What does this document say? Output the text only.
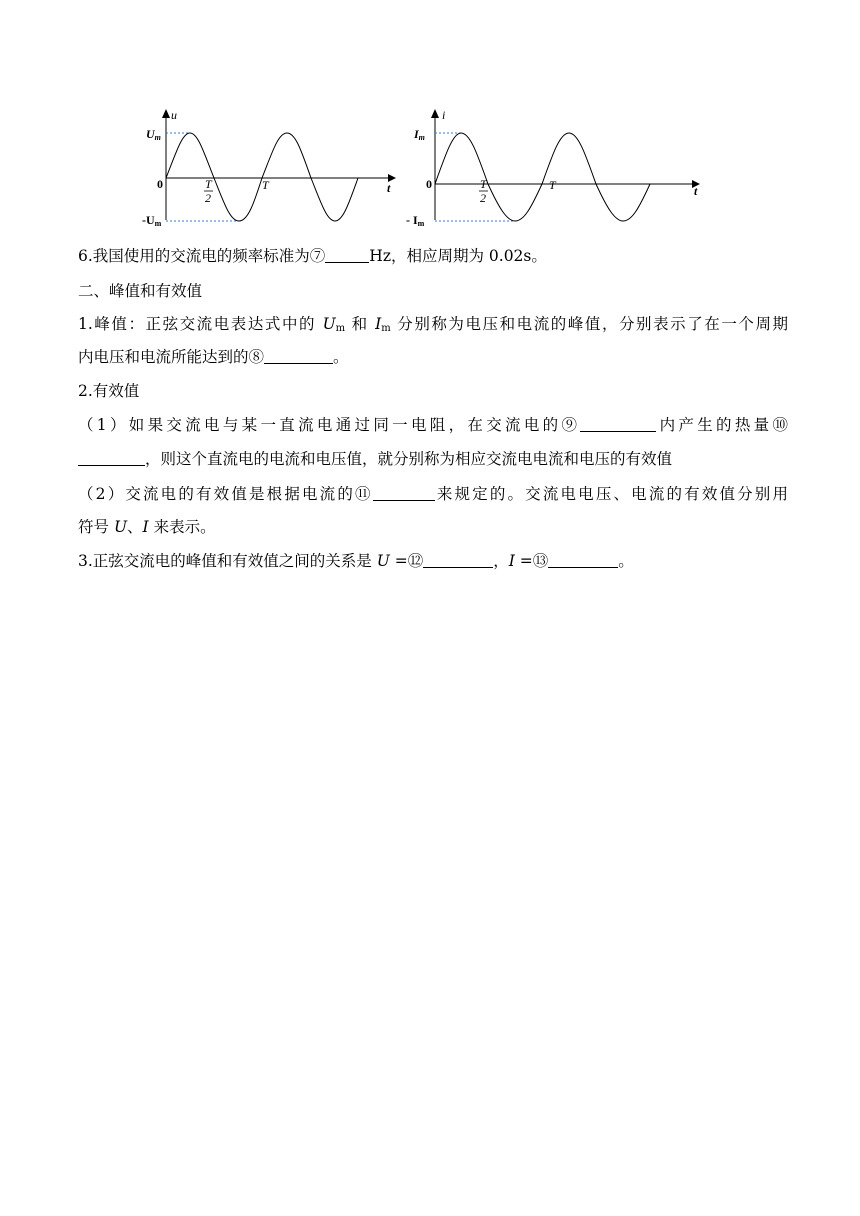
u
t
0
Um
-Um
T
2
T
i
t
0
Im
- Im
T
2
T
6.我国使用的交流电的频率标准为⑦	Hz，相应周期为 0.02s。
二、峰值和有效值
1.峰值：正弦交流电表达式中的 $U_m$ 和 $I_m$ 分别称为电压和电流的峰值，分别表示了在一个周期
内电压和电流所能达到的⑧	。
2.有效值
（1）如果交流电与某一直流电通过同一电阻，在交流电的⑨	内产生的热量⑩
，则这个直流电的电流和电压值，就分别称为相应交流电电流和电压的有效值
（2）交流电的有效值是根据电流的⑪	来规定的。交流电电压、电流的有效值分别用
符号 U、I 来表示。
3.正弦交流电的峰值和有效值之间的关系是 U =⑫	，I =⑬	。
